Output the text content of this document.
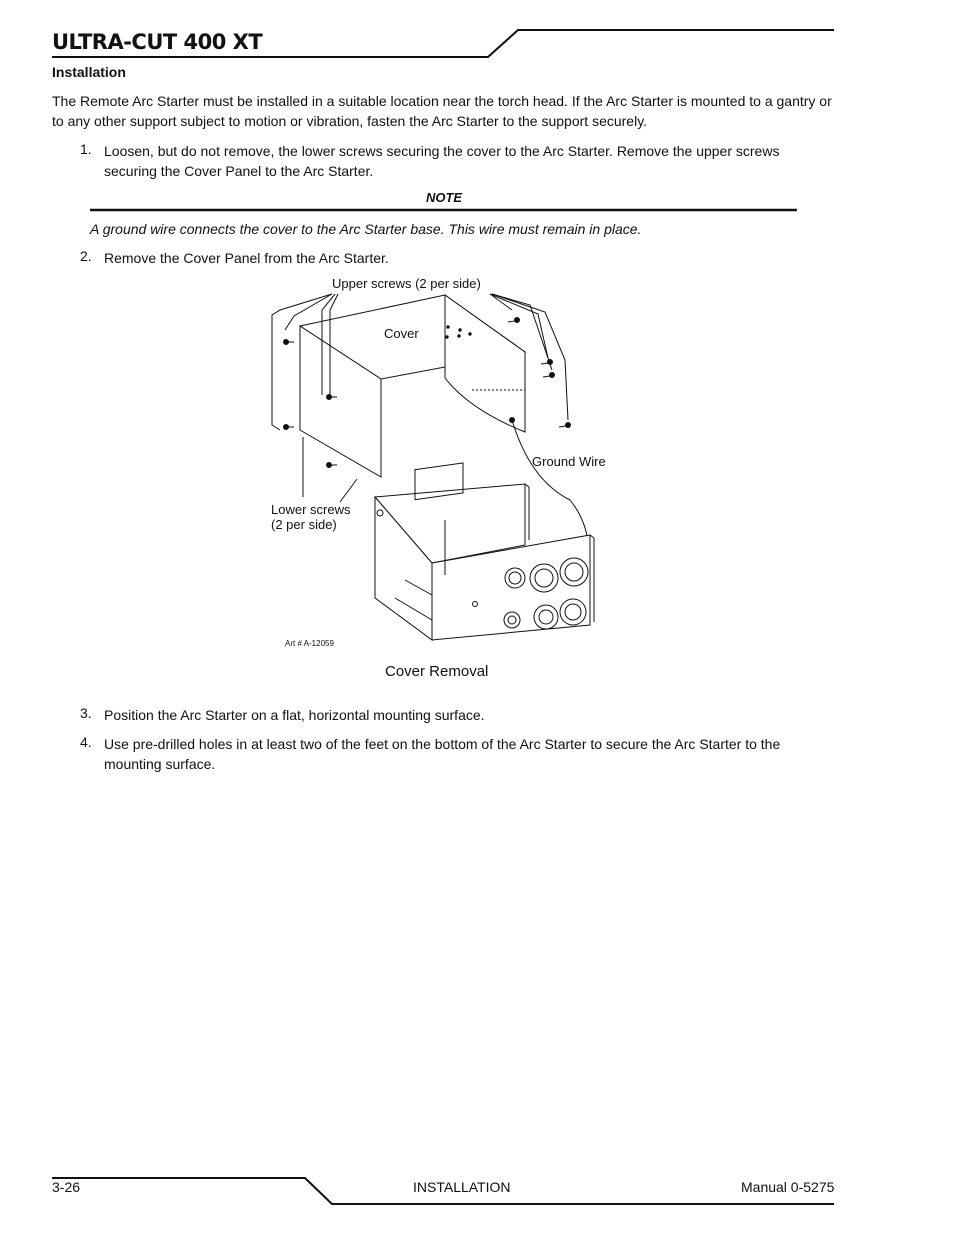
ULTRA-CUT 400 XT
Installation
The Remote Arc Starter must be installed in a suitable location near the torch head. If the Arc Starter is mounted to a gantry or to any other support subject to motion or vibration, fasten the Arc Starter to the support securely.
1. Loosen, but do not remove, the lower screws securing the cover to the Arc Starter. Remove the upper screws securing the Cover Panel to the Arc Starter.
NOTE
A ground wire connects the cover to the Arc Starter base. This wire must remain in place.
2. Remove the Cover Panel from the Arc Starter.
Upper screws (2 per side)
Cover
Ground Wire
Lower screws
(2 per side)
Art # A-12059
Cover Removal
3. Position the Arc Starter on a flat, horizontal mounting surface.
4. Use pre-drilled holes in at least two of the feet on the bottom of the Arc Starter to secure the Arc Starter to the mounting surface.
3-26	INSTALLATION	Manual 0-5275
